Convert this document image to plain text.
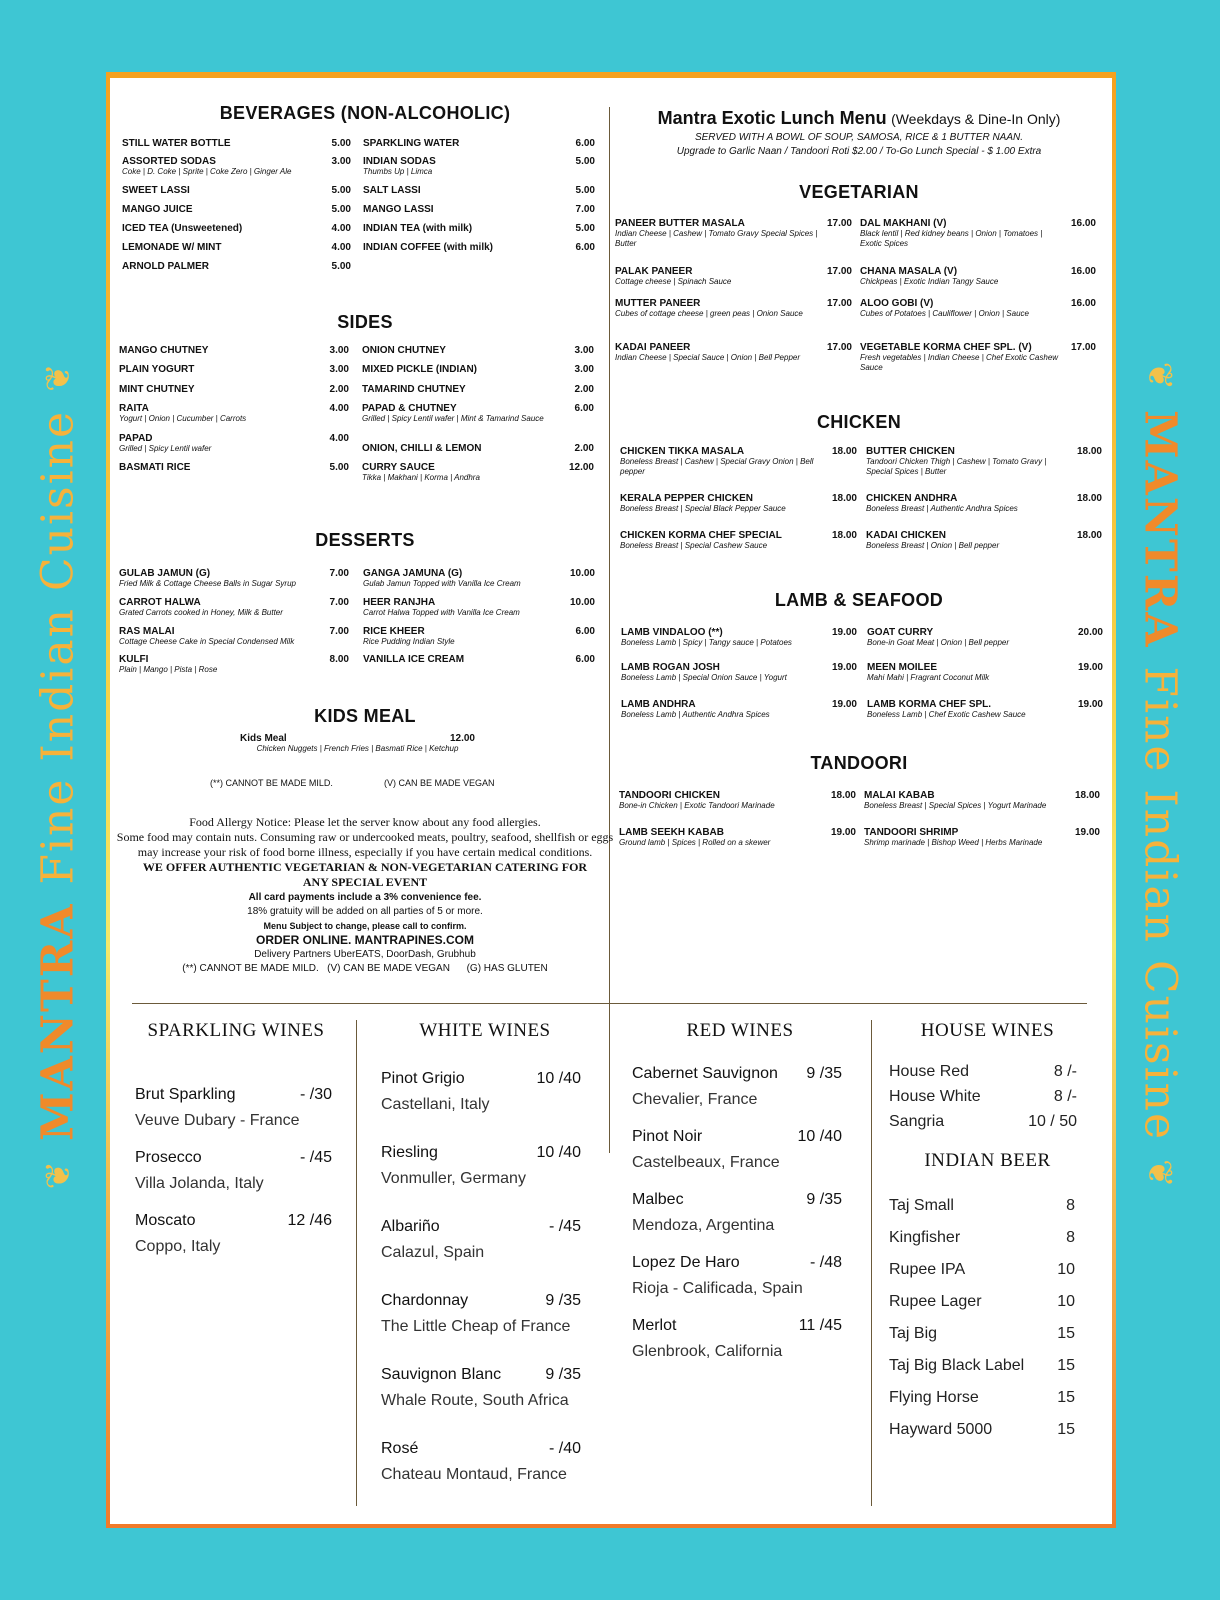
❦
MANTRA
Fine Indian Cuisine
❦	❦
MANTRA
Fine Indian Cuisine
❦
Mantra Exotic Lunch Menu (Weekdays & Dine-In Only)
SERVED WITH A BOWL OF SOUP, SAMOSA, RICE & 1 BUTTER NAAN.
Upgrade to Garlic Naan / Tandoori Roti $2.00 / To-Go Lunch Special - $ 1.00 Extra
KIDS MEAL
Kids Meal	12.00
Chicken Nuggets | French Fries | Basmati Rice | Ketchup
(**) CANNOT BE MADE MILD.	(V) CAN BE MADE VEGAN
Food Allergy Notice: Please let the server know about any food allergies.
Some food may contain nuts. Consuming raw or undercooked meats, poultry, seafood, shellfish or eggs
may increase your risk of food borne illness, especially if you have certain medical conditions.
WE OFFER AUTHENTIC VEGETARIAN & NON-VEGETARIAN CATERING FOR ANY SPECIAL EVENT
All card payments include a 3% convenience fee.
18% gratuity will be added on all parties of 5 or more.
Menu Subject to change, please call to confirm.
ORDER ONLINE. MANTRAPINES.COM
Delivery Partners UberEATS, DoorDash, Grubhub
(**) CANNOT BE MADE MILD.   (V) CAN BE MADE VEGAN      (G) HAS GLUTEN
SPARKLING WINES	WHITE WINES	RED WINES	HOUSE WINES
INDIAN BEER
BEVERAGES (NON-ALCOHOLIC)
STILL WATER BOTTLE	5.00
ASSORTED SODAS	3.00
Coke | D. Coke | Sprite | Coke Zero | Ginger Ale
SWEET LASSI	5.00
MANGO JUICE	5.00
ICED TEA (Unsweetened)	4.00
LEMONADE W/ MINT	4.00
ARNOLD PALMER	5.00
SPARKLING WATER	6.00
INDIAN SODAS	5.00
Thumbs Up | Limca
SALT LASSI	5.00
MANGO LASSI	7.00
INDIAN TEA (with milk)	5.00
INDIAN COFFEE (with milk)	6.00
SIDES
MANGO CHUTNEY	3.00
PLAIN YOGURT	3.00
MINT CHUTNEY	2.00
RAITA	4.00
Yogurt | Onion | Cucumber | Carrots
PAPAD	4.00
Grilled | Spicy Lentil wafer
BASMATI RICE	5.00
ONION CHUTNEY	3.00
MIXED PICKLE (INDIAN)	3.00
TAMARIND CHUTNEY	2.00
PAPAD & CHUTNEY	6.00
Grilled | Spicy Lentil wafer | Mint & Tamarind Sauce
ONION, CHILLI & LEMON	2.00
CURRY SAUCE	12.00
Tikka | Makhani | Korma | Andhra
DESSERTS
GULAB JAMUN (G)	7.00
Fried Milk & Cottage Cheese Balls in Sugar Syrup
CARROT HALWA	7.00
Grated Carrots cooked in Honey, Milk & Butter
RAS MALAI	7.00
Cottage Cheese Cake in Special Condensed Milk
KULFI	8.00
Plain | Mango | Pista | Rose
GANGA JAMUNA (G)	10.00
Gulab Jamun Topped with Vanilla Ice Cream
HEER RANJHA	10.00
Carrot Halwa Topped with Vanilla Ice Cream
RICE KHEER	6.00
Rice Pudding Indian Style
VANILLA ICE CREAM	6.00
VEGETARIAN
PANEER BUTTER MASALA	17.00
Indian Cheese | Cashew | Tomato Gravy Special Spices | Butter
PALAK PANEER	17.00
Cottage cheese | Spinach Sauce
MUTTER PANEER	17.00
Cubes of cottage cheese | green peas | Onion Sauce
KADAI PANEER	17.00
Indian Cheese | Special Sauce | Onion | Bell Pepper
DAL MAKHANI (V)	16.00
Black lentil | Red kidney beans | Onion | Tomatoes | Exotic Spices
CHANA MASALA (V)	16.00
Chickpeas | Exotic Indian Tangy Sauce
ALOO GOBI (V)	16.00
Cubes of Potatoes | Cauliflower | Onion | Sauce
VEGETABLE KORMA CHEF SPL. (V)	17.00
Fresh vegetables | Indian Cheese | Chef Exotic Cashew Sauce
CHICKEN
CHICKEN TIKKA MASALA	18.00
Boneless Breast | Cashew | Special Gravy Onion | Bell pepper
KERALA PEPPER CHICKEN	18.00
Boneless Breast | Special Black Pepper Sauce
CHICKEN KORMA CHEF SPECIAL	18.00
Boneless Breast | Special Cashew Sauce
BUTTER CHICKEN	18.00
Tandoori Chicken Thigh | Cashew | Tomato Gravy | Special Spices | Butter
CHICKEN ANDHRA	18.00
Boneless Breast | Authentic Andhra Spices
KADAI CHICKEN	18.00
Boneless Breast | Onion | Bell pepper
LAMB & SEAFOOD
LAMB VINDALOO (**)	19.00
Boneless Lamb | Spicy | Tangy sauce | Potatoes
LAMB ROGAN JOSH	19.00
Boneless Lamb | Special Onion Sauce | Yogurt
LAMB ANDHRA	19.00
Boneless Lamb | Authentic Andhra Spices
GOAT CURRY	20.00
Bone-in Goat Meat | Onion | Bell pepper
MEEN MOILEE	19.00
Mahi Mahi | Fragrant Coconut Milk
LAMB KORMA CHEF SPL.	19.00
Boneless Lamb | Chef Exotic Cashew Sauce
TANDOORI
TANDOORI CHICKEN	18.00
Bone-in Chicken | Exotic Tandoori Marinade
LAMB SEEKH KABAB	19.00
Ground lamb | Spices | Rolled on a skewer
MALAI KABAB	18.00
Boneless Breast | Special Spices | Yogurt Marinade
TANDOORI SHRIMP	19.00
Shrimp marinade | Bishop Weed | Herbs Marinade
Brut Sparkling	- /30
Veuve Dubary - France
Prosecco	- /45
Villa Jolanda, Italy
Moscato	12 /46
Coppo, Italy
Pinot Grigio	10 /40
Castellani, Italy
Riesling	10 /40
Vonmuller, Germany
Albariño	- /45
Calazul, Spain
Chardonnay	9 /35
The Little Cheap of France
Sauvignon Blanc	9 /35
Whale Route, South Africa
Rosé	- /40
Chateau Montaud, France
Cabernet Sauvignon 9 /35
Chevalier, France
Pinot Noir	10 /40
Castelbeaux, France
Malbec	9 /35
Mendoza, Argentina
Lopez De Haro	- /48
Rioja - Calificada, Spain
Merlot	11 /45
Glenbrook, California
House Red	8 /-
House White	8 /-
Sangria	10 / 50
Taj Small	8
Kingfisher	8
Rupee IPA	10
Rupee Lager	10
Taj Big	15
Taj Big Black Label	15
Flying Horse	15
Hayward 5000	15
